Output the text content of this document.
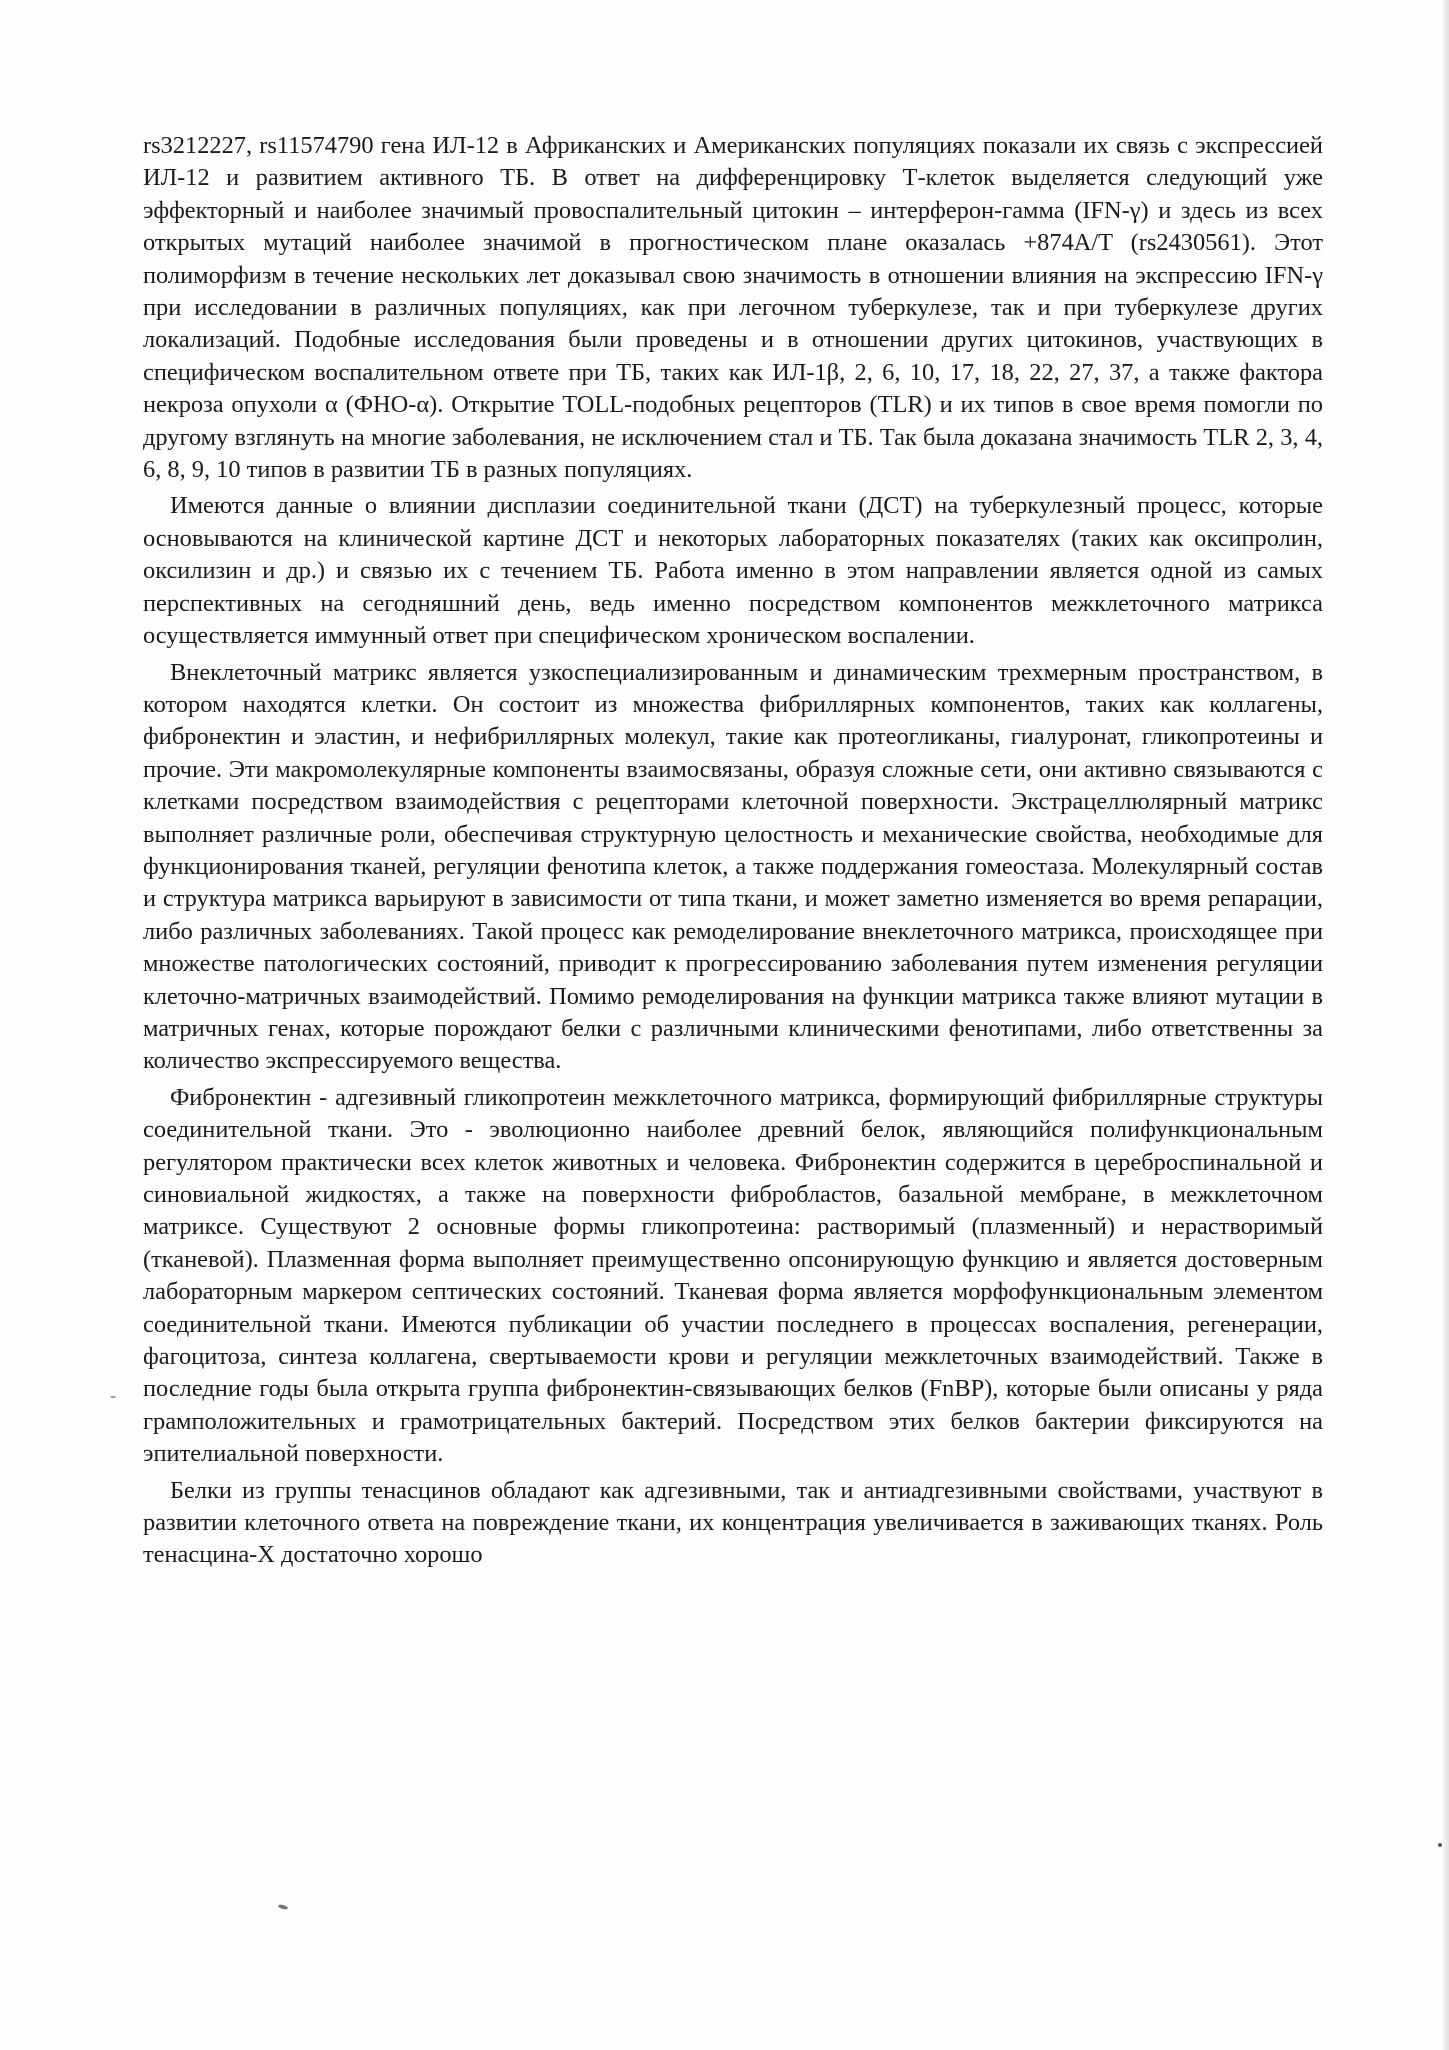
rs3212227, rs11574790 гена ИЛ-12 в Африканских и Американских популяциях показали их связь с экспрессией ИЛ-12 и развитием активного ТБ. В ответ на дифференцировку Т-клеток выделяется следующий уже эффекторный и наиболее значимый провоспалительный цитокин – интерферон-гамма (IFN-γ) и здесь из всех открытых мутаций наиболее значимой в прогностическом плане оказалась +874A/T (rs2430561). Этот полиморфизм в течение нескольких лет доказывал свою значимость в отношении влияния на экспрессию IFN-γ при исследовании в различных популяциях, как при легочном туберкулезе, так и при туберкулезе других локализаций. Подобные исследования были проведены и в отношении других цитокинов, участвующих в специфическом воспалительном ответе при ТБ, таких как ИЛ-1β, 2, 6, 10, 17, 18, 22, 27, 37, а также фактора некроза опухоли α (ФНО-α). Открытие TOLL-подобных рецепторов (TLR) и их типов в свое время помогли по другому взглянуть на многие заболевания, не исключением стал и ТБ. Так была доказана значимость TLR 2, 3, 4, 6, 8, 9, 10 типов в развитии ТБ в разных популяциях.

Имеются данные о влиянии дисплазии соединительной ткани (ДСТ) на туберкулезный процесс, которые основываются на клинической картине ДСТ и некоторых лабораторных показателях (таких как оксипролин, оксилизин и др.) и связью их с течением ТБ. Работа именно в этом направлении является одной из самых перспективных на сегодняшний день, ведь именно посредством компонентов межклеточного матрикса осуществляется иммунный ответ при специфическом хроническом воспалении.

Внеклеточный матрикс является узкоспециализированным и динамическим трехмерным пространством, в котором находятся клетки. Он состоит из множества фибриллярных компонентов, таких как коллагены, фибронектин и эластин, и нефибриллярных молекул, такие как протеогликаны, гиалуронат, гликопротеины и прочие. Эти макромолекулярные компоненты взаимосвязаны, образуя сложные сети, они активно связываются с клетками посредством взаимодействия с рецепторами клеточной поверхности. Экстрацеллюлярный матрикс выполняет различные роли, обеспечивая структурную целостность и механические свойства, необходимые для функционирования тканей, регуляции фенотипа клеток, а также поддержания гомеостаза. Молекулярный состав и структура матрикса варьируют в зависимости от типа ткани, и может заметно изменяется во время репарации, либо различных заболеваниях. Такой процесс как ремоделирование внеклеточного матрикса, происходящее при множестве патологических состояний, приводит к прогрессированию заболевания путем изменения регуляции клеточно-матричных взаимодействий. Помимо ремоделирования на функции матрикса также влияют мутации в матричных генах, которые порождают белки с различными клиническими фенотипами, либо ответственны за количество экспрессируемого вещества.

Фибронектин - адгезивный гликопротеин межклеточного матрикса, формирующий фибриллярные структуры соединительной ткани. Это - эволюционно наиболее древний белок, являющийся полифункциональным регулятором практически всех клеток животных и человека. Фибронектин содержится в цереброспинальной и синовиальной жидкостях, а также на поверхности фибробластов, базальной мембране, в межклеточном матриксе. Существуют 2 основные формы гликопротеина: растворимый (плазменный) и нерастворимый (тканевой). Плазменная форма выполняет преимущественно опсонирующую функцию и является достоверным лабораторным маркером септических состояний. Тканевая форма является морфофункциональным элементом соединительной ткани. Имеются публикации об участии последнего в процессах воспаления, регенерации, фагоцитоза, синтеза коллагена, свертываемости крови и регуляции межклеточных взаимодействий. Также в последние годы была открыта группа фибронектин-связывающих белков (FnBP), которые были описаны у ряда грамположительных и грамотрицательных бактерий. Посредством этих белков бактерии фиксируются на эпителиальной поверхности.

Белки из группы тенасцинов обладают как адгезивными, так и антиадгезивными свойствами, участвуют в развитии клеточного ответа на повреждение ткани, их концентрация увеличивается в заживающих тканях. Роль тенасцина-Х достаточно хорошо
